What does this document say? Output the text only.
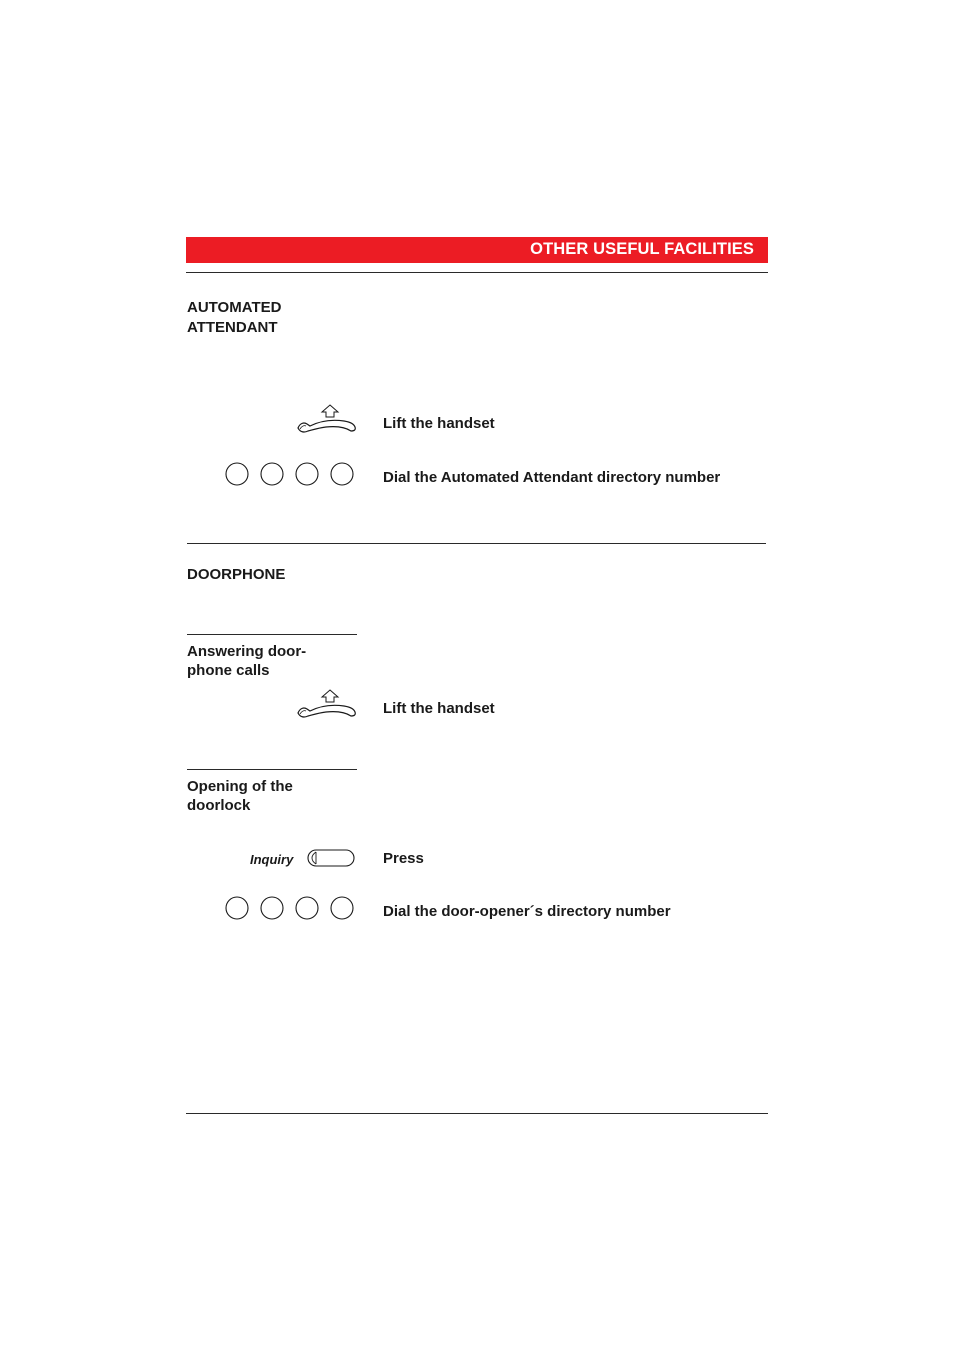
OTHER USEFUL FACILITIES
AUTOMATED
ATTENDANT
Lift the handset
Dial the Automated Attendant directory number
DOORPHONE
Answering door-
phone calls
Lift the handset
Opening of the
doorlock
Inquiry	Press
Dial the door-opener´s directory number
